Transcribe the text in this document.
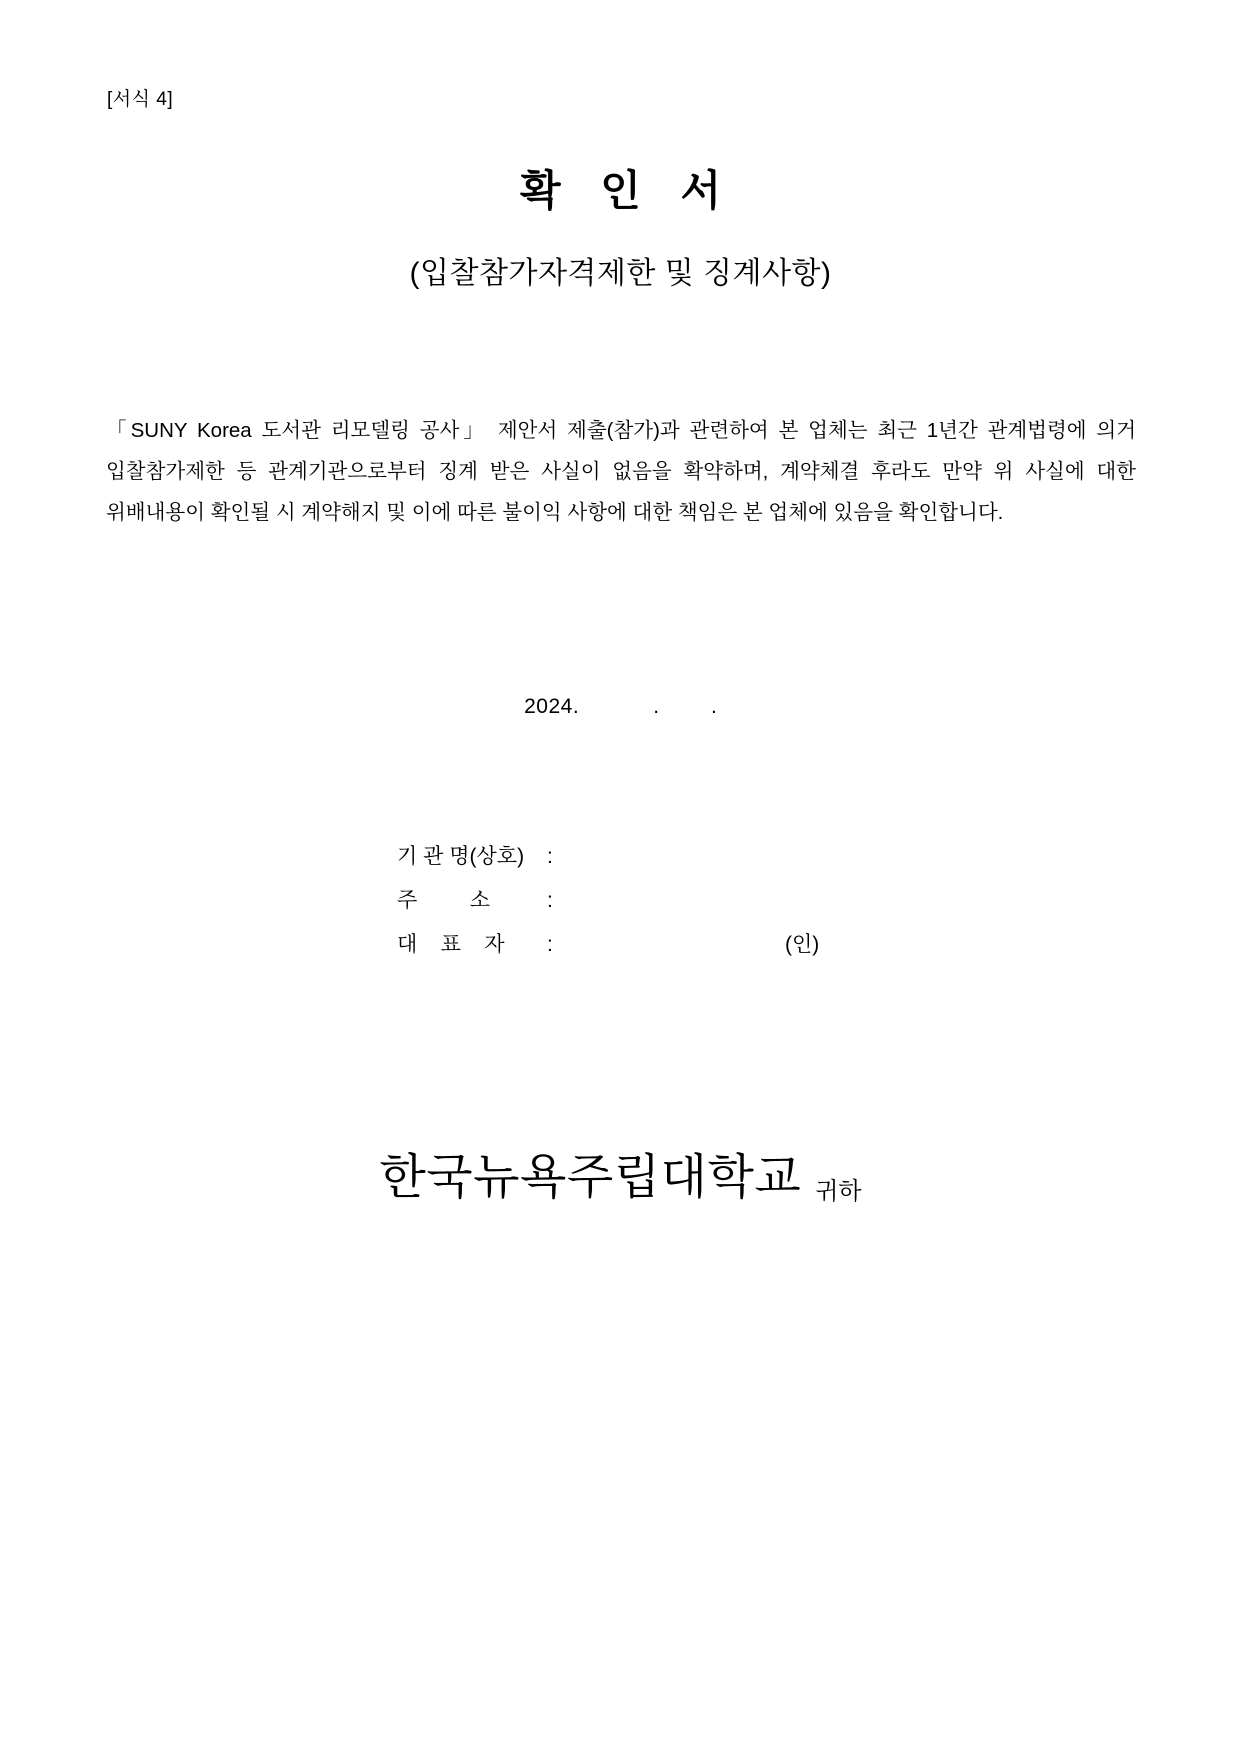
[서식 4]
확 인 서
(입찰참가자격제한 및 징계사항)
「SUNY Korea 도서관 리모델링 공사」 제안서 제출(참가)과 관련하여 본 업체는 최근 1년간 관계법령에 의거 입찰참가제한 등 관계기관으로부터 징계 받은 사실이 없음을 확약하며, 계약체결 후라도 만약 위 사실에 대한 위배내용이 확인될 시 계약해지 및 이에 따른 불이익 사항에 대한 책임은 본 업체에 있음을 확인합니다.
2024.	. .
기 관 명(상호)	:
주         소	:
대    표    자	:	(인)
한국뉴욕주립대학교 귀하
